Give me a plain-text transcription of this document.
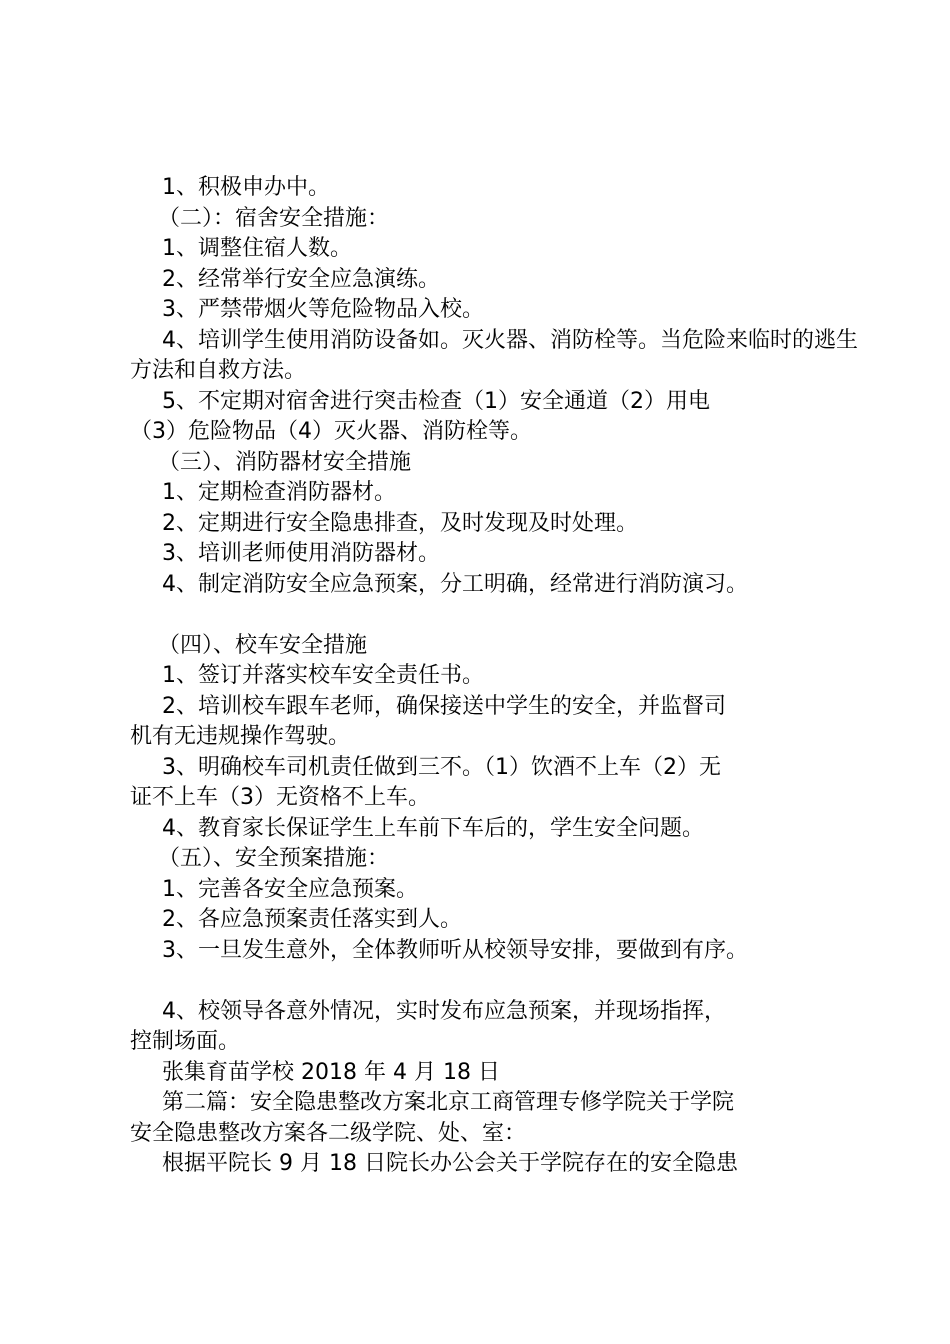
1、积极申办中。

（二）：宿舍安全措施：

1、调整住宿人数。

2、经常举行安全应急演练。

3、严禁带烟火等危险物品入校。

4、培训学生使用消防设备如。灭火器、消防栓等。当危险来临时的逃生

方法和自救方法。

5、不定期对宿舍进行突击检查（1）安全通道（2）用电

（3）危险物品（4）灭火器、消防栓等。

（三）、消防器材安全措施

1、定期检查消防器材。

2、定期进行安全隐患排查，及时发现及时处理。

3、培训老师使用消防器材。

4、制定消防安全应急预案，分工明确，经常进行消防演习。

（四）、校车安全措施

1、签订并落实校车安全责任书。

2、培训校车跟车老师，确保接送中学生的安全，并监督司

机有无违规操作驾驶。

3、明确校车司机责任做到三不。（1）饮酒不上车（2）无

证不上车（3）无资格不上车。

4、教育家长保证学生上车前下车后的，学生安全问题。

（五）、安全预案措施：

1、完善各安全应急预案。

2、各应急预案责任落实到人。

3、一旦发生意外，全体教师听从校领导安排，要做到有序。

4、校领导各意外情况，实时发布应急预案，并现场指挥，

控制场面。

张集育苗学校 2018 年 4 月 18 日

第二篇：安全隐患整改方案北京工商管理专修学院关于学院

安全隐患整改方案各二级学院、处、室：

根据平院长 9 月 18 日院长办公会关于学院存在的安全隐患
